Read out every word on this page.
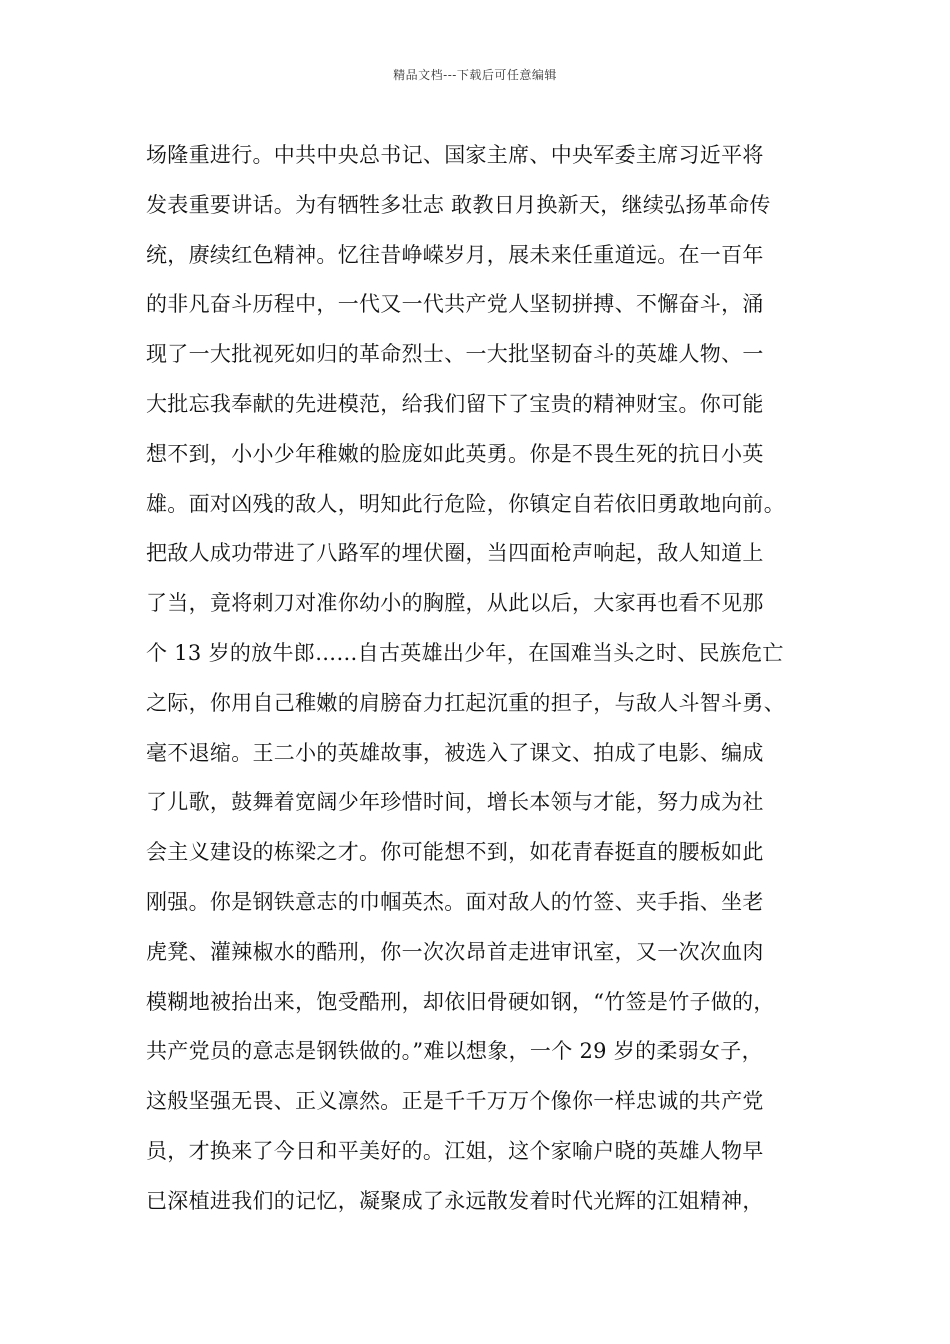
精品文档---下载后可任意编辑
场隆重进行。中共中央总书记、国家主席、中央军委主席习近平将
发表重要讲话。为有牺牲多壮志 敢教日月换新天，继续弘扬革命传
统，赓续红色精神。忆往昔峥嵘岁月，展未来任重道远。在一百年
的非凡奋斗历程中，一代又一代共产党人坚韧拼搏、不懈奋斗，涌
现了一大批视死如归的革命烈士、一大批坚韧奋斗的英雄人物、一
大批忘我奉献的先进模范，给我们留下了宝贵的精神财宝。你可能
想不到，小小少年稚嫩的脸庞如此英勇。你是不畏生死的抗日小英
雄。面对凶残的敌人，明知此行危险，你镇定自若依旧勇敢地向前。
把敌人成功带进了八路军的埋伏圈，当四面枪声响起，敌人知道上
了当，竟将刺刀对准你幼小的胸膛，从此以后，大家再也看不见那
个 13 岁的放牛郎……自古英雄出少年，在国难当头之时、民族危亡
之际，你用自己稚嫩的肩膀奋力扛起沉重的担子，与敌人斗智斗勇、
毫不退缩。王二小的英雄故事，被选入了课文、拍成了电影、编成
了儿歌，鼓舞着宽阔少年珍惜时间，增长本领与才能，努力成为社
会主义建设的栋梁之才。你可能想不到，如花青春挺直的腰板如此
刚强。你是钢铁意志的巾帼英杰。面对敌人的竹签、夹手指、坐老
虎凳、灌辣椒水的酷刑，你一次次昂首走进审讯室，又一次次血肉
模糊地被抬出来，饱受酷刑，却依旧骨硬如钢，“竹签是竹子做的，
共产党员的意志是钢铁做的。”难以想象，一个 29 岁的柔弱女子，
这般坚强无畏、正义凛然。正是千千万万个像你一样忠诚的共产党
员，才换来了今日和平美好的。江姐，这个家喻户晓的英雄人物早
已深植进我们的记忆，凝聚成了永远散发着时代光辉的江姐精神，
